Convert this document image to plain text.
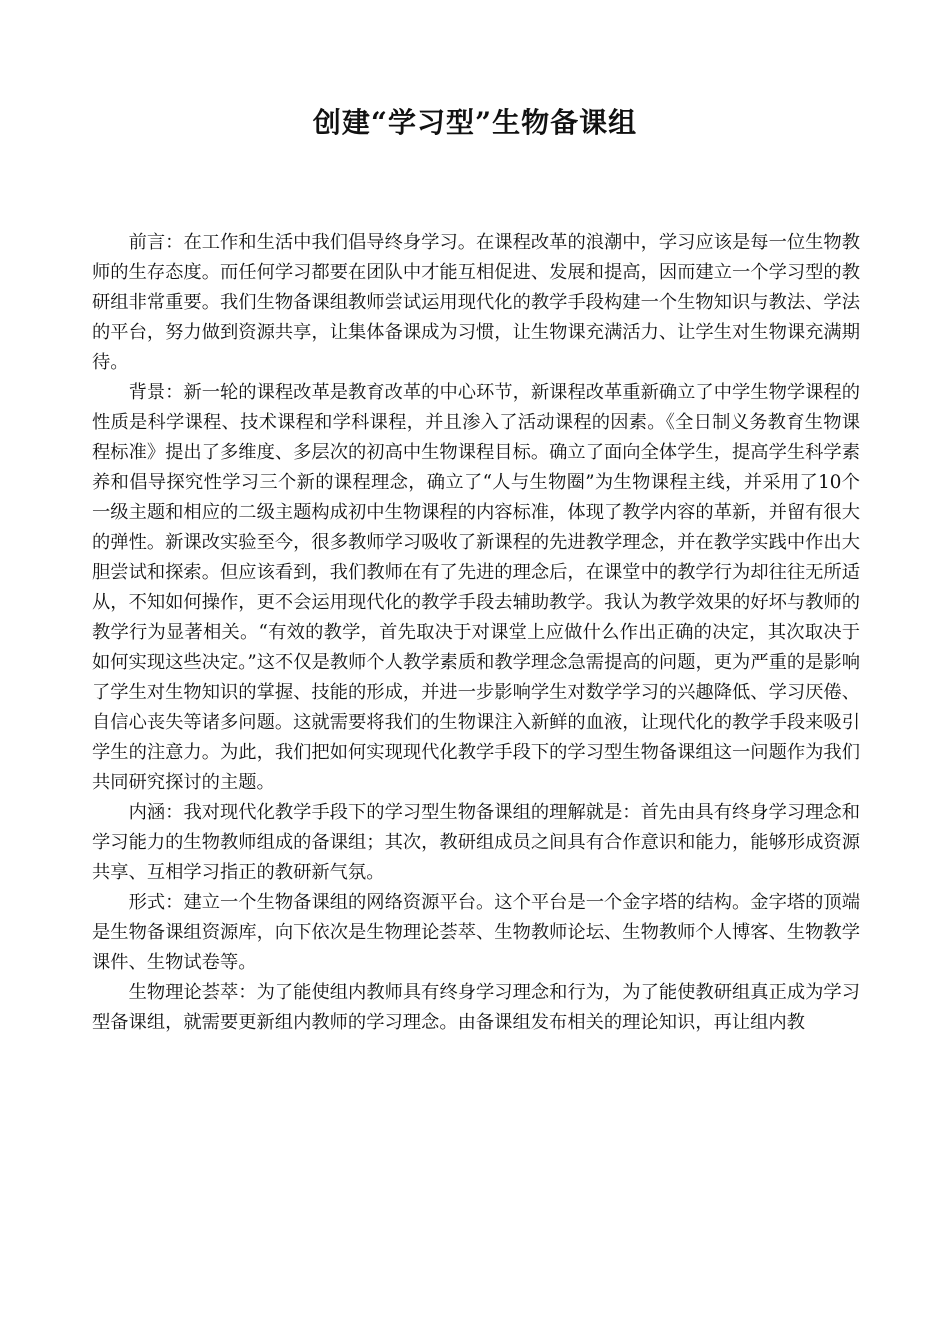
创建“学习型”生物备课组

前言：在工作和生活中我们倡导终身学习。在课程改革的浪潮中，学习应该是每一位生物教师的生存态度。而任何学习都要在团队中才能互相促进、发展和提高，因而建立一个学习型的教研组非常重要。我们生物备课组教师尝试运用现代化的教学手段构建一个生物知识与教法、学法的平台，努力做到资源共享，让集体备课成为习惯，让生物课充满活力、让学生对生物课充满期待。

背景：新一轮的课程改革是教育改革的中心环节，新课程改革重新确立了中学生物学课程的性质是科学课程、技术课程和学科课程，并且渗入了活动课程的因素。《全日制义务教育生物课程标准》提出了多维度、多层次的初高中生物课程目标。确立了面向全体学生，提高学生科学素养和倡导探究性学习三个新的课程理念，确立了“人与生物圈”为生物课程主线，并采用了10个一级主题和相应的二级主题构成初中生物课程的内容标准，体现了教学内容的革新，并留有很大的弹性。新课改实验至今，很多教师学习吸收了新课程的先进教学理念，并在教学实践中作出大胆尝试和探索。但应该看到，我们教师在有了先进的理念后，在课堂中的教学行为却往往无所适从，不知如何操作，更不会运用现代化的教学手段去辅助教学。我认为教学效果的好坏与教师的教学行为显著相关。“有效的教学，首先取决于对课堂上应做什么作出正确的决定，其次取决于如何实现这些决定。”这不仅是教师个人教学素质和教学理念急需提高的问题，更为严重的是影响了学生对生物知识的掌握、技能的形成，并进一步影响学生对数学学习的兴趣降低、学习厌倦、自信心丧失等诸多问题。这就需要将我们的生物课注入新鲜的血液，让现代化的教学手段来吸引学生的注意力。为此，我们把如何实现现代化教学手段下的学习型生物备课组这一问题作为我们共同研究探讨的主题。

内涵：我对现代化教学手段下的学习型生物备课组的理解就是：首先由具有终身学习理念和学习能力的生物教师组成的备课组；其次，教研组成员之间具有合作意识和能力，能够形成资源共享、互相学习指正的教研新气氛。

形式：建立一个生物备课组的网络资源平台。这个平台是一个金字塔的结构。金字塔的顶端是生物备课组资源库，向下依次是生物理论荟萃、生物教师论坛、生物教师个人博客、生物教学课件、生物试卷等。

生物理论荟萃：为了能使组内教师具有终身学习理念和行为，为了能使教研组真正成为学习型备课组，就需要更新组内教师的学习理念。由备课组发布相关的理论知识，再让组内教
